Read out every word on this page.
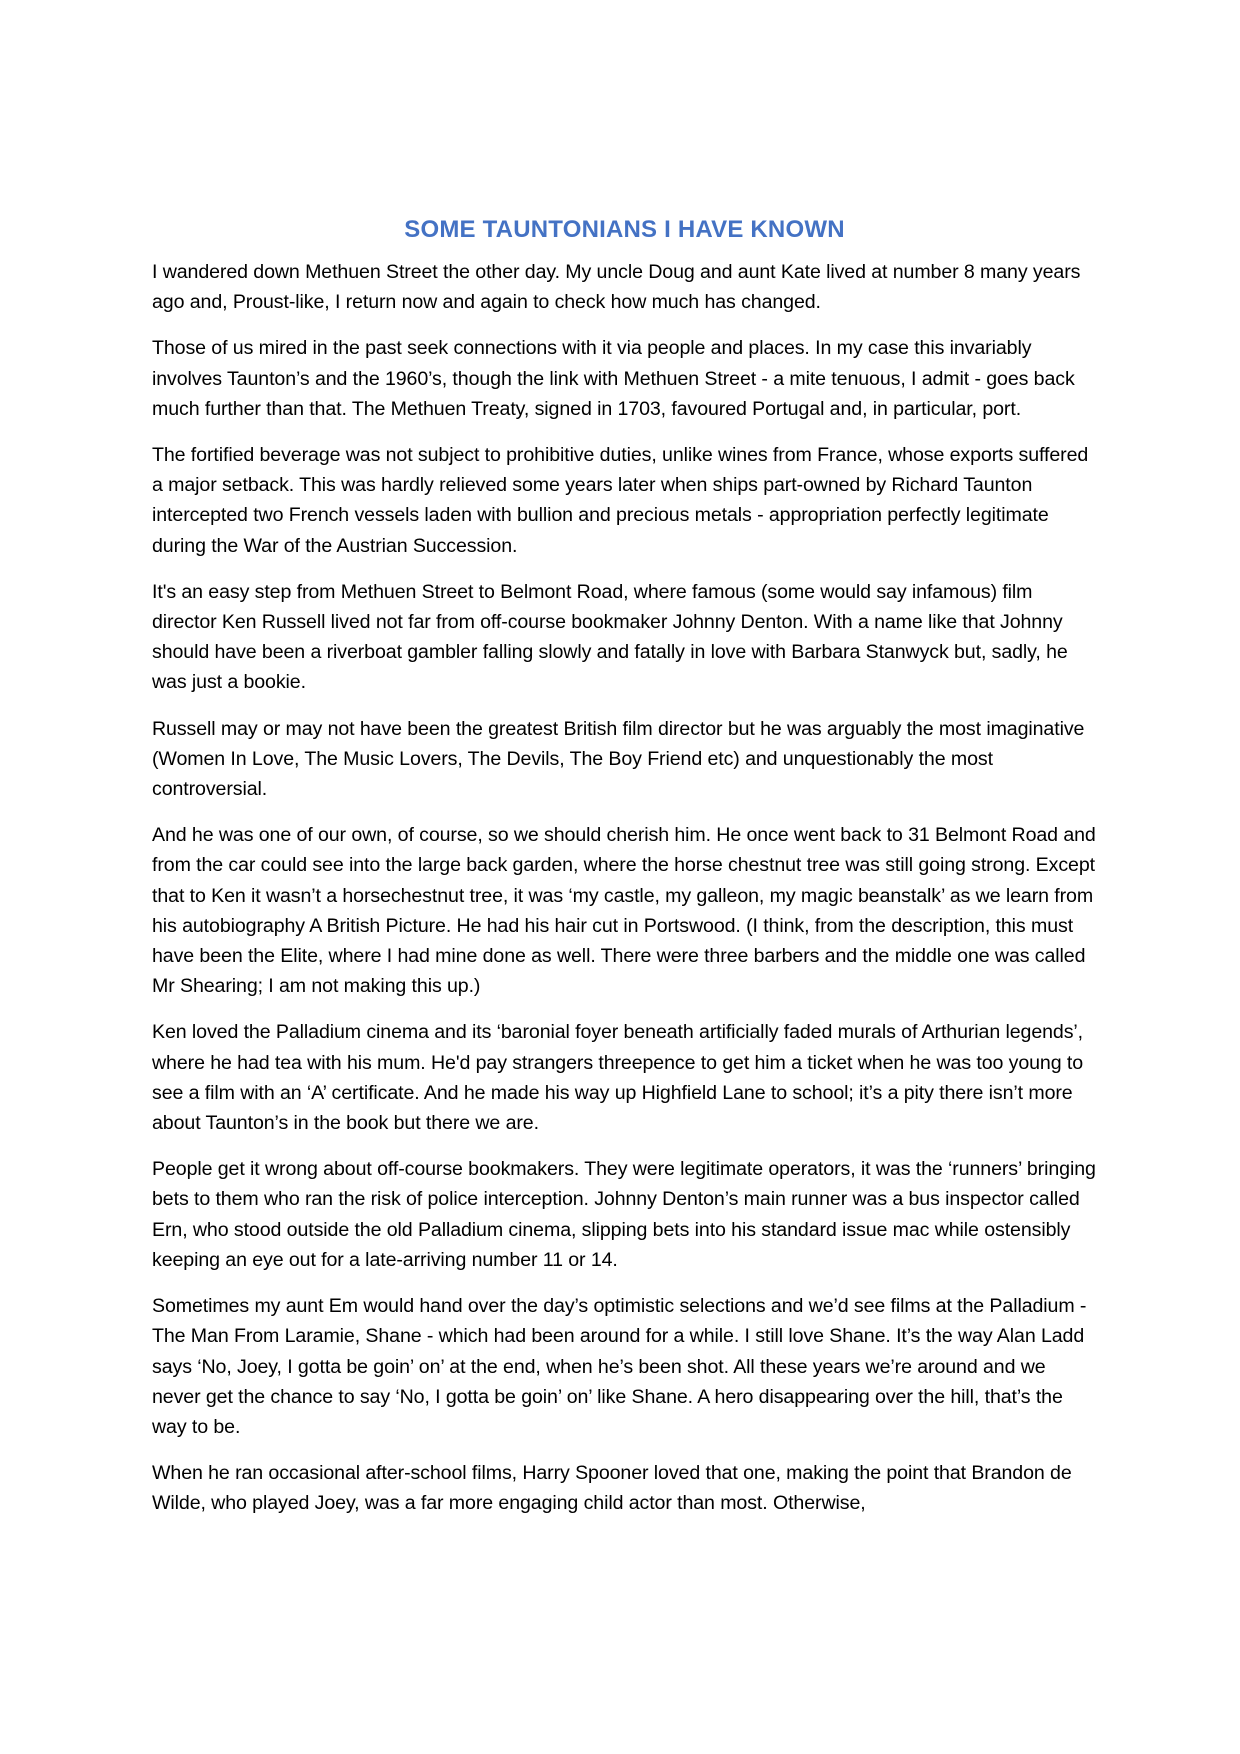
SOME TAUNTONIANS I HAVE KNOWN

I wandered down Methuen Street the other day. My uncle Doug and aunt Kate lived at number 8 many years ago and, Proust-like, I return now and again to check how much has changed.

Those of us mired in the past seek connections with it via people and places. In my case this invariably involves Taunton’s and the 1960’s, though the link with Methuen Street - a mite tenuous, I admit - goes back much further than that. The Methuen Treaty, signed in 1703, favoured Portugal and, in particular, port.

The fortified beverage was not subject to prohibitive duties, unlike wines from France, whose exports suffered a major setback. This was hardly relieved some years later when ships part-owned by Richard Taunton intercepted two French vessels laden with bullion and precious metals - appropriation perfectly legitimate during the War of the Austrian Succession.

It's an easy step from Methuen Street to Belmont Road, where famous (some would say infamous) film director Ken Russell lived not far from off-course bookmaker Johnny Denton. With a name like that Johnny should have been a riverboat gambler falling slowly and fatally in love with Barbara Stanwyck but, sadly, he was just a bookie.

Russell may or may not have been the greatest British film director but he was arguably the most imaginative (Women In Love, The Music Lovers, The Devils, The Boy Friend etc) and unquestionably the most controversial.

And he was one of our own, of course, so we should cherish him. He once went back to 31 Belmont Road and from the car could see into the large back garden, where the horse chestnut tree was still going strong. Except that to Ken it wasn’t a horsechestnut tree, it was ‘my castle, my galleon, my magic beanstalk’ as we learn from his autobiography A British Picture. He had his hair cut in Portswood. (I think, from the description, this must have been the Elite, where I had mine done as well. There were three barbers and the middle one was called Mr Shearing; I am not making this up.)

Ken loved the Palladium cinema and its ‘baronial foyer beneath artificially faded murals of Arthurian legends’, where he had tea with his mum. He'd pay strangers threepence to get him a ticket when he was too young to see a film with an ‘A’ certificate. And he made his way up Highfield Lane to school; it’s a pity there isn’t more about Taunton’s in the book but there we are.

People get it wrong about off-course bookmakers. They were legitimate operators, it was the ‘runners’ bringing bets to them who ran the risk of police interception. Johnny Denton’s main runner was a bus inspector called Ern, who stood outside the old Palladium cinema, slipping bets into his standard issue mac while ostensibly keeping an eye out for a late-arriving number 11 or 14.

Sometimes my aunt Em would hand over the day’s optimistic selections and we’d see films at the Palladium - The Man From Laramie, Shane - which had been around for a while. I still love Shane. It’s the way Alan Ladd says ‘No, Joey, I gotta be goin’ on’ at the end, when he’s been shot. All these years we’re around and we never get the chance to say ‘No, I gotta be goin’ on’ like Shane. A hero disappearing over the hill, that’s the way to be.

When he ran occasional after-school films, Harry Spooner loved that one, making the point that Brandon de Wilde, who played Joey, was a far more engaging child actor than most. Otherwise,
